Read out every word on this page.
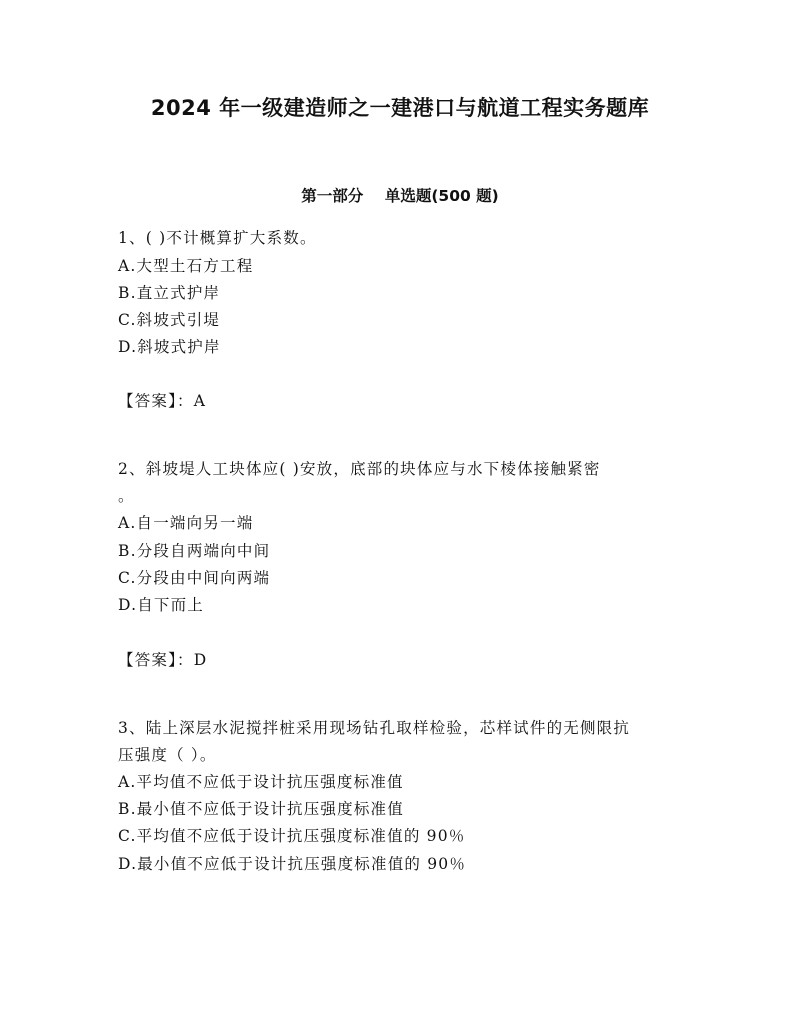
2024 年一级建造师之一建港口与航道工程实务题库
第一部分    单选题(500 题)
1、( )不计概算扩大系数。
A.大型土石方工程
B.直立式护岸
C.斜坡式引堤
D.斜坡式护岸
【答案】：A
2、斜坡堤人工块体应( )安放，底部的块体应与水下棱体接触紧密
。
A.自一端向另一端
B.分段自两端向中间
C.分段由中间向两端
D.自下而上
【答案】：D
3、陆上深层水泥搅拌桩采用现场钻孔取样检验，芯样试件的无侧限抗
压强度（ ）。
A.平均值不应低于设计抗压强度标准值
B.最小值不应低于设计抗压强度标准值
C.平均值不应低于设计抗压强度标准值的 90％
D.最小值不应低于设计抗压强度标准值的 90％
